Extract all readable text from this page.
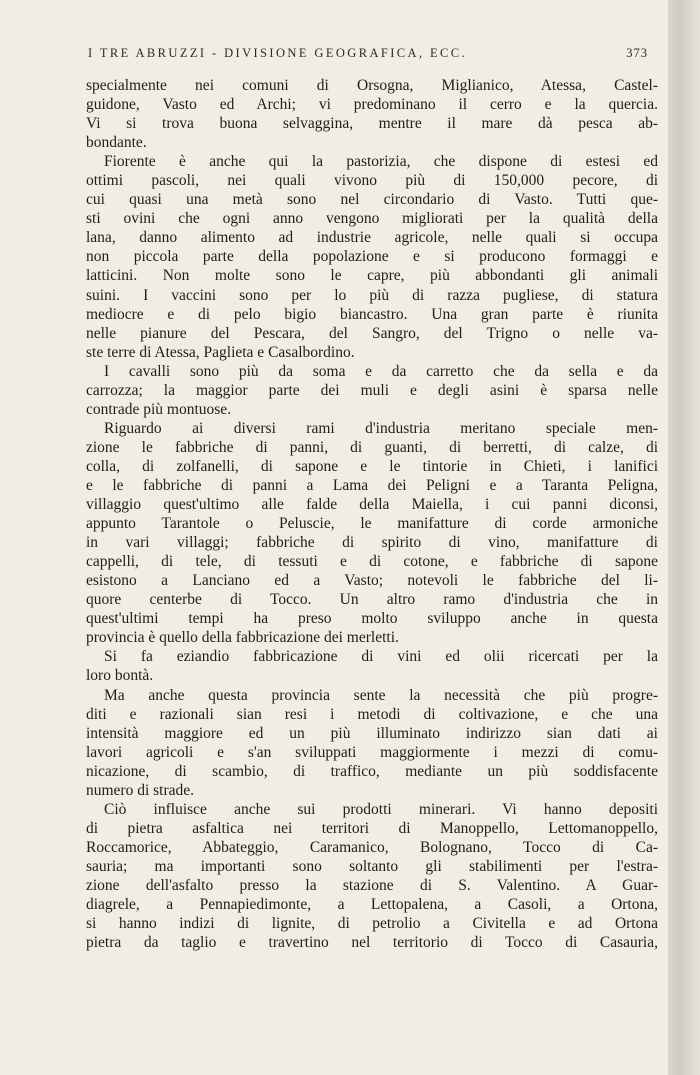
I TRE ABRUZZI - DIVISIONE GEOGRAFICA, ECC.	373

specialmente nei comuni di Orsogna, Miglianico, Atessa, Castel-

guidone, Vasto ed Archi; vi predominano il cerro e la quercia.

Vi si trova buona selvaggina, mentre il mare dà pesca ab-

bondante.

Fiorente è anche qui la pastorizia, che dispone di estesi ed

ottimi pascoli, nei quali vivono più di 150,000 pecore, di

cui quasi una metà sono nel circondario di Vasto. Tutti que-

sti ovini che ogni anno vengono migliorati per la qualità della

lana, danno alimento ad industrie agricole, nelle quali si occupa

non piccola parte della popolazione e si producono formaggi e

latticini. Non molte sono le capre, più abbondanti gli animali

suini. I vaccini sono per lo più di razza pugliese, di statura

mediocre e di pelo bigio biancastro. Una gran parte è riunita

nelle pianure del Pescara, del Sangro, del Trigno o nelle va-

ste terre di Atessa, Paglieta e Casalbordino.

I cavalli sono più da soma e da carretto che da sella e da

carrozza; la maggior parte dei muli e degli asini è sparsa nelle

contrade più montuose.

Riguardo ai diversi rami d'industria meritano speciale men-

zione le fabbriche di panni, di guanti, di berretti, di calze, di

colla, di zolfanelli, di sapone e le tintorie in Chieti, i lanifici

e le fabbriche di panni a Lama dei Peligni e a Taranta Peligna,

villaggio quest'ultimo alle falde della Maiella, i cui panni diconsi,

appunto Tarantole o Peluscie, le manifatture di corde armoniche

in vari villaggi; fabbriche di spirito di vino, manifatture di

cappelli, di tele, di tessuti e di cotone, e fabbriche di sapone

esistono a Lanciano ed a Vasto; notevoli le fabbriche del li-

quore centerbe di Tocco. Un altro ramo d'industria che in

quest'ultimi tempi ha preso molto sviluppo anche in questa

provincia è quello della fabbricazione dei merletti.

Si fa eziandio fabbricazione di vini ed olii ricercati per la

loro bontà.

Ma anche questa provincia sente la necessità che più progre-

diti e razionali sian resi i metodi di coltivazione, e che una

intensità maggiore ed un più illuminato indirizzo sian dati ai

lavori agricoli e s'an sviluppati maggiormente i mezzi di comu-

nicazione, di scambio, di traffico, mediante un più soddisfacente

numero di strade.

Ciò influisce anche sui prodotti minerari. Vi hanno depositi

di pietra asfaltica nei territori di Manoppello, Lettomanoppello,

Roccamorice, Abbateggio, Caramanico, Bolognano, Tocco di Ca-

sauria; ma importanti sono soltanto gli stabilimenti per l'estra-

zione dell'asfalto presso la stazione di S. Valentino. A Guar-

diagrele, a Pennapiedimonte, a Lettopalena, a Casoli, a Ortona,

si hanno indizi di lignite, di petrolio a Civitella e ad Ortona

pietra da taglio e travertino nel territorio di Tocco di Casauria,
